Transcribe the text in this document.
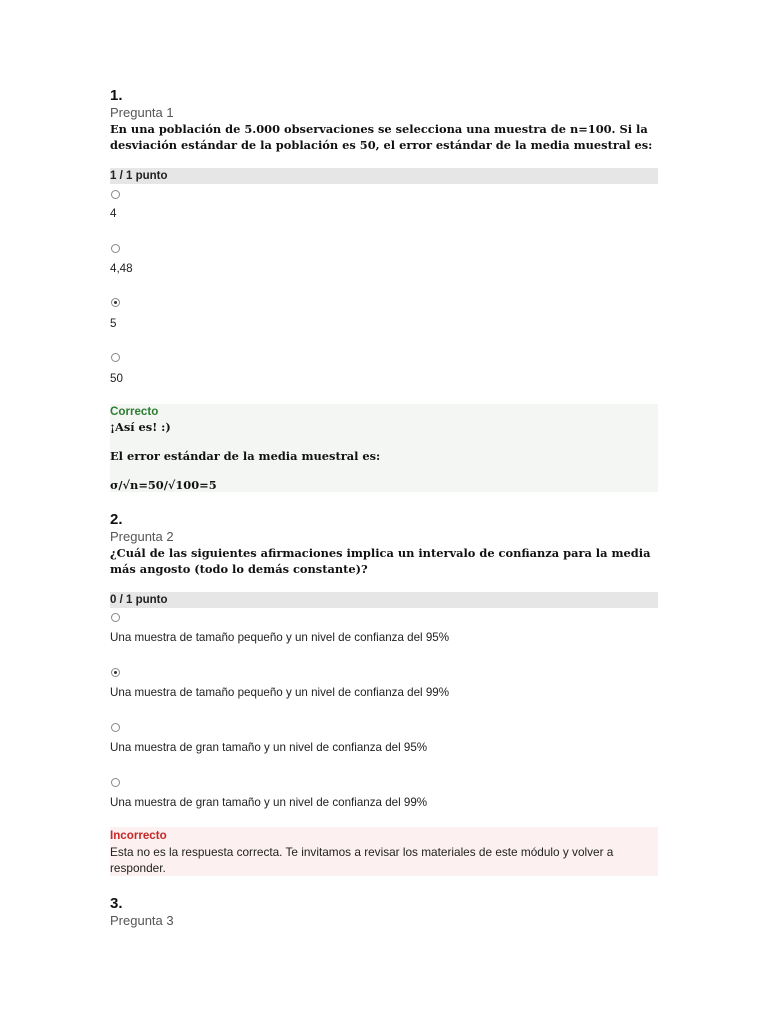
1.
Pregunta 1
En una población de 5.000 observaciones se selecciona una muestra de n=100. Si la desviación estándar de la población es 50, el error estándar de la media muestral es:
1 / 1 punto
4
4,48
5
50
Correcto
¡Así es! :)
El error estándar de la media muestral es:
σ/√n=50/√100=5
2.
Pregunta 2
¿Cuál de las siguientes afirmaciones implica un intervalo de confianza para la media más angosto (todo lo demás constante)?
0 / 1 punto
Una muestra de tamaño pequeño y un nivel de confianza del 95%
Una muestra de tamaño pequeño y un nivel de confianza del 99%
Una muestra de gran tamaño y un nivel de confianza del 95%
Una muestra de gran tamaño y un nivel de confianza del 99%
Incorrecto
Esta no es la respuesta correcta. Te invitamos a revisar los materiales de este módulo y volver a responder.
3.
Pregunta 3
